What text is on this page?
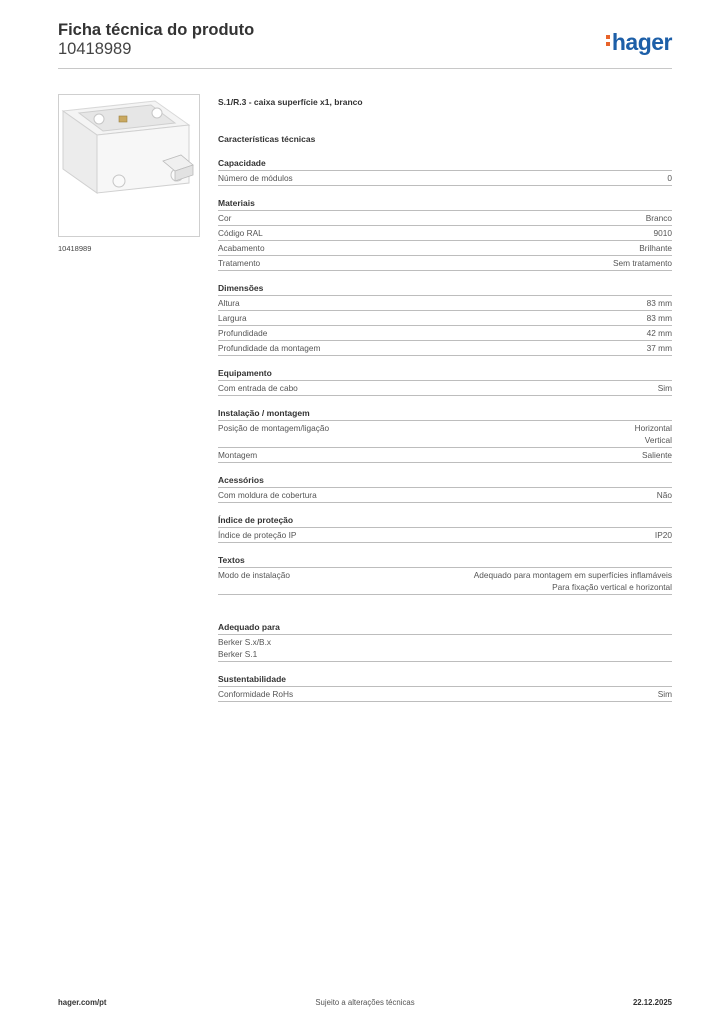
Ficha técnica do produto
10418989	hager
10418989
S.1/R.3 - caixa superfície x1, branco
Características técnicas
Capacidade
Número de módulos	0
Materiais
Cor	Branco
Código RAL	9010
Acabamento	Brilhante
Tratamento	Sem tratamento
Dimensões
Altura	83 mm
Largura	83 mm
Profundidade	42 mm
Profundidade da montagem	37 mm
Equipamento
Com entrada de cabo	Sim
Instalação / montagem
Posição de montagem/ligação	Horizontal
Vertical
Montagem	Saliente
Acessórios
Com moldura de cobertura	Não
Índice de proteção
Índice de proteção IP	IP20
Textos
Modo de instalação	Adequado para montagem em superfícies inflamáveis
Para fixação vertical e horizontal
Adequado para
Berker S.x/B.x
Berker S.1
Sustentabilidade
Conformidade RoHs	Sim
hager.com/pt	Sujeito a alterações técnicas	22.12.2025
